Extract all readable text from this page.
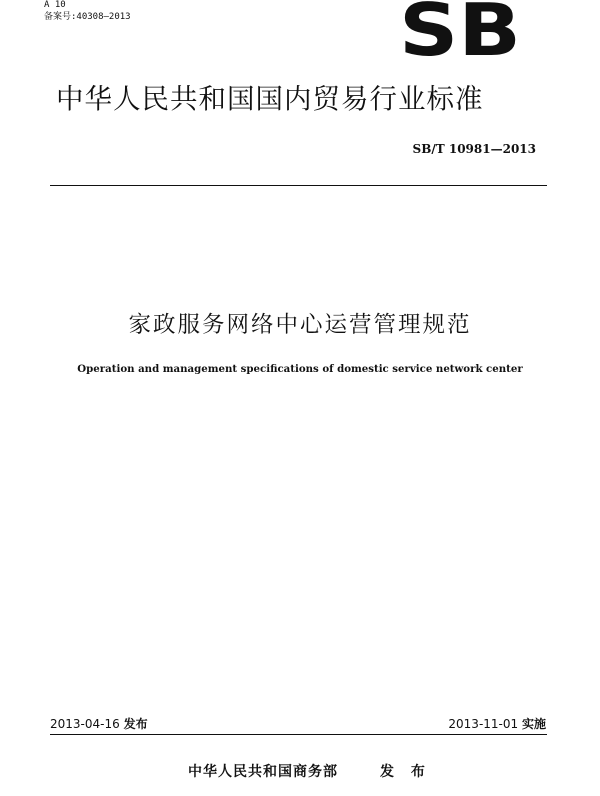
A 10
备案号:40308—2013	SB
中华人民共和国国内贸易行业标准
SB/T 10981—2013
家政服务网络中心运营管理规范
Operation and management specifications of domestic service network center
2013-04-16 发布	2013-11-01 实施
中华人民共和国商务部	发 布
